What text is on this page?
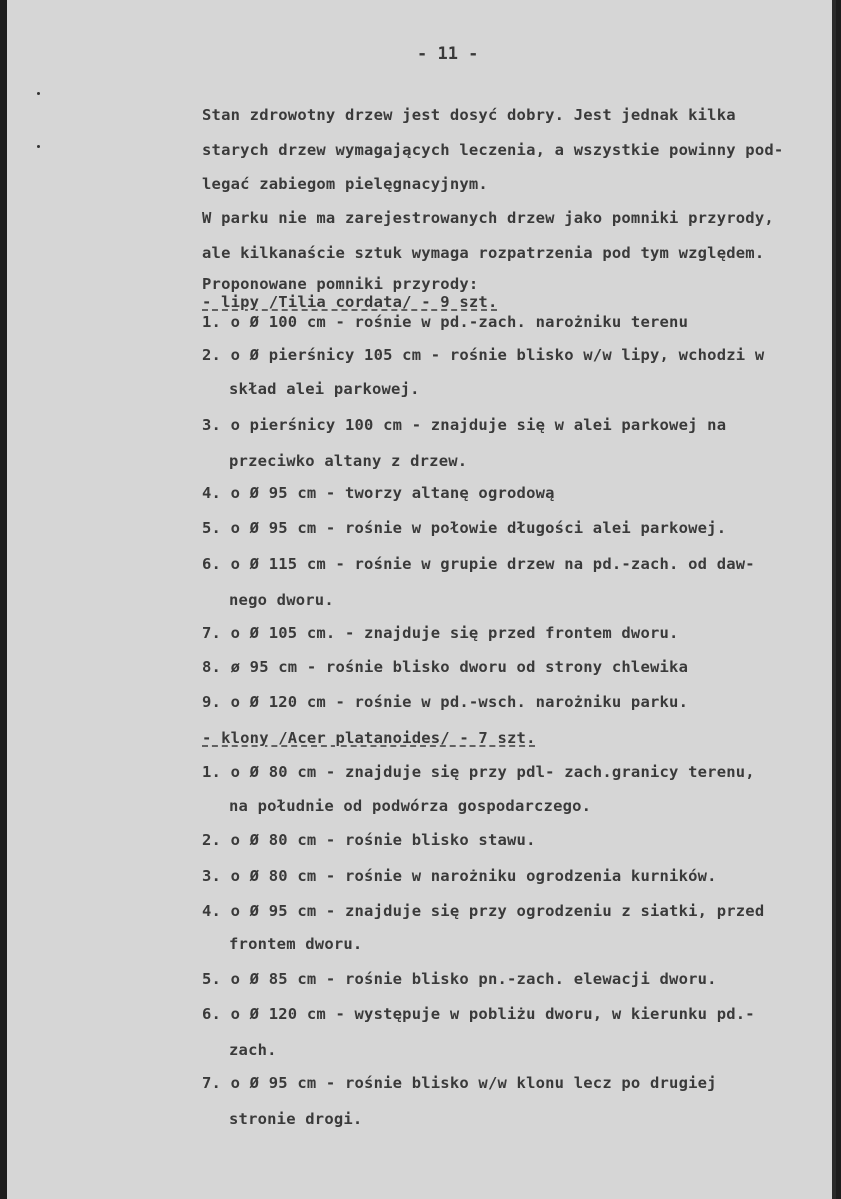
- 11 -

Stan zdrowotny drzew jest dosyć dobry. Jest jednak kilka

starych drzew wymagających leczenia, a wszystkie powinny pod-

legać zabiegom pielęgnacyjnym.

W parku nie ma zarejestrowanych drzew jako pomniki przyrody,

ale kilkanaście sztuk wymaga rozpatrzenia pod tym względem.

Proponowane pomniki przyrody:

- lipy /Tilia cordata/ - 9 szt.

1. o Ø 100 cm - rośnie w pd.-zach. narożniku terenu

2. o Ø pierśnicy 105 cm - rośnie blisko w/w lipy, wchodzi w

skład alei parkowej.

3. o pierśnicy 100 cm - znajduje się w alei parkowej na

przeciwko altany z drzew.

4. o Ø 95 cm - tworzy altanę ogrodową

5. o Ø 95 cm - rośnie w połowie długości alei parkowej.

6. o Ø 115 cm - rośnie w grupie drzew na pd.-zach. od daw-

nego dworu.

7. o Ø 105 cm. - znajduje się przed frontem dworu.

8. ø 95 cm - rośnie blisko dworu od strony chlewika

9. o Ø 120 cm - rośnie w pd.-wsch. narożniku parku.

- klony /Acer platanoides/ - 7 szt.

1. o Ø 80 cm - znajduje się przy pdl- zach.granicy terenu,

na południe od podwórza gospodarczego.

2. o Ø 80 cm - rośnie blisko stawu.

3. o Ø 80 cm - rośnie w narożniku ogrodzenia kurników.

4. o Ø 95 cm - znajduje się przy ogrodzeniu z siatki, przed

frontem dworu.

5. o Ø 85 cm - rośnie blisko pn.-zach. elewacji dworu.

6. o Ø 120 cm - występuje w pobliżu dworu, w kierunku pd.-

zach.

7. o Ø 95 cm - rośnie blisko w/w klonu lecz po drugiej

stronie drogi.
